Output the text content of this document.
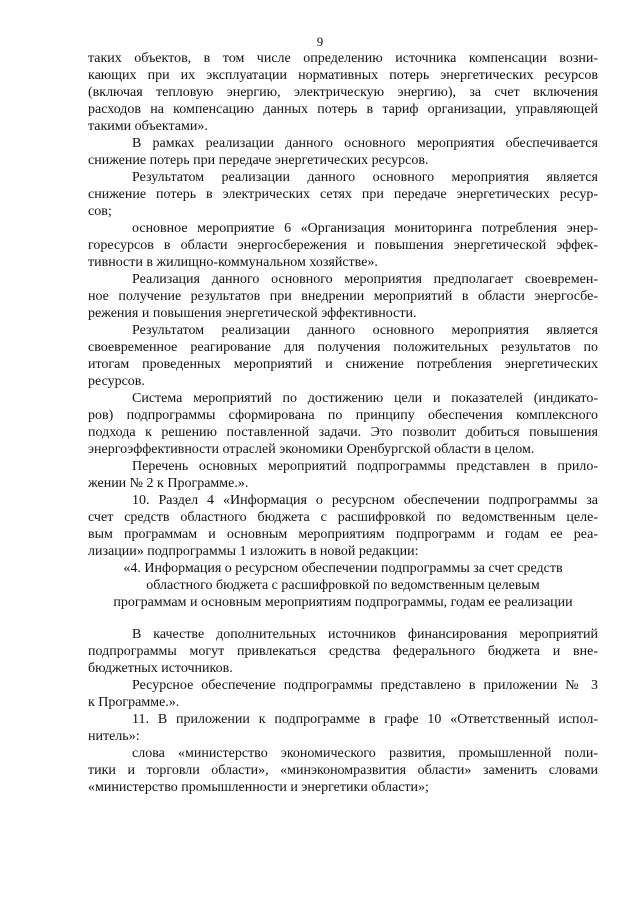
9
таких объектов, в том числе определению источника компенсации возни-
кающих при их эксплуатации нормативных потерь энергетических ресурсов
(включая тепловую энергию, электрическую энергию), за счет включения
расходов на компенсацию данных потерь в тариф организации, управляющей
такими объектами».
В рамках реализации данного основного мероприятия обеспечивается
снижение потерь при передаче энергетических ресурсов.
Результатом реализации данного основного мероприятия является
снижение потерь в электрических сетях при передаче энергетических ресур-
сов;
основное мероприятие 6 «Организация мониторинга потребления энер-
горесурсов в области энергосбережения и повышения энергетической эффек-
тивности в жилищно-коммунальном хозяйстве».
Реализация данного основного мероприятия предполагает своевремен-
ное получение результатов при внедрении мероприятий в области энергосбе-
режения и повышения энергетической эффективности.
Результатом реализации данного основного мероприятия является
своевременное реагирование для получения положительных результатов по
итогам проведенных мероприятий и снижение потребления энергетических
ресурсов.
Система мероприятий по достижению цели и показателей (индикато-
ров) подпрограммы сформирована по принципу обеспечения комплексного
подхода к решению поставленной задачи. Это позволит добиться повышения
энергоэффективности отраслей экономики Оренбургской области в целом.
Перечень основных мероприятий подпрограммы представлен в прило-
жении № 2 к Программе.».
10. Раздел 4 «Информация о ресурсном обеспечении подпрограммы за
счет средств областного бюджета с расшифровкой по ведомственным целе-
вым программам и основным мероприятиям подпрограмм и годам ее реа-
лизации» подпрограммы 1 изложить в новой редакции:
«4. Информация о ресурсном обеспечении подпрограммы за счет средств
областного бюджета с расшифровкой по ведомственным целевым
программам и основным мероприятиям подпрограммы, годам ее реализации
В качестве дополнительных источников финансирования мероприятий
подпрограммы могут привлекаться средства федерального бюджета и вне-
бюджетных источников.
Ресурсное обеспечение подпрограммы представлено в приложении № 3
к Программе.».
11. В приложении к подпрограмме в графе 10 «Ответственный испол-
нитель»:
слова «министерство экономического развития, промышленной поли-
тики и торговли области», «минэкономразвития области» заменить словами
«министерство промышленности и энергетики области»;
